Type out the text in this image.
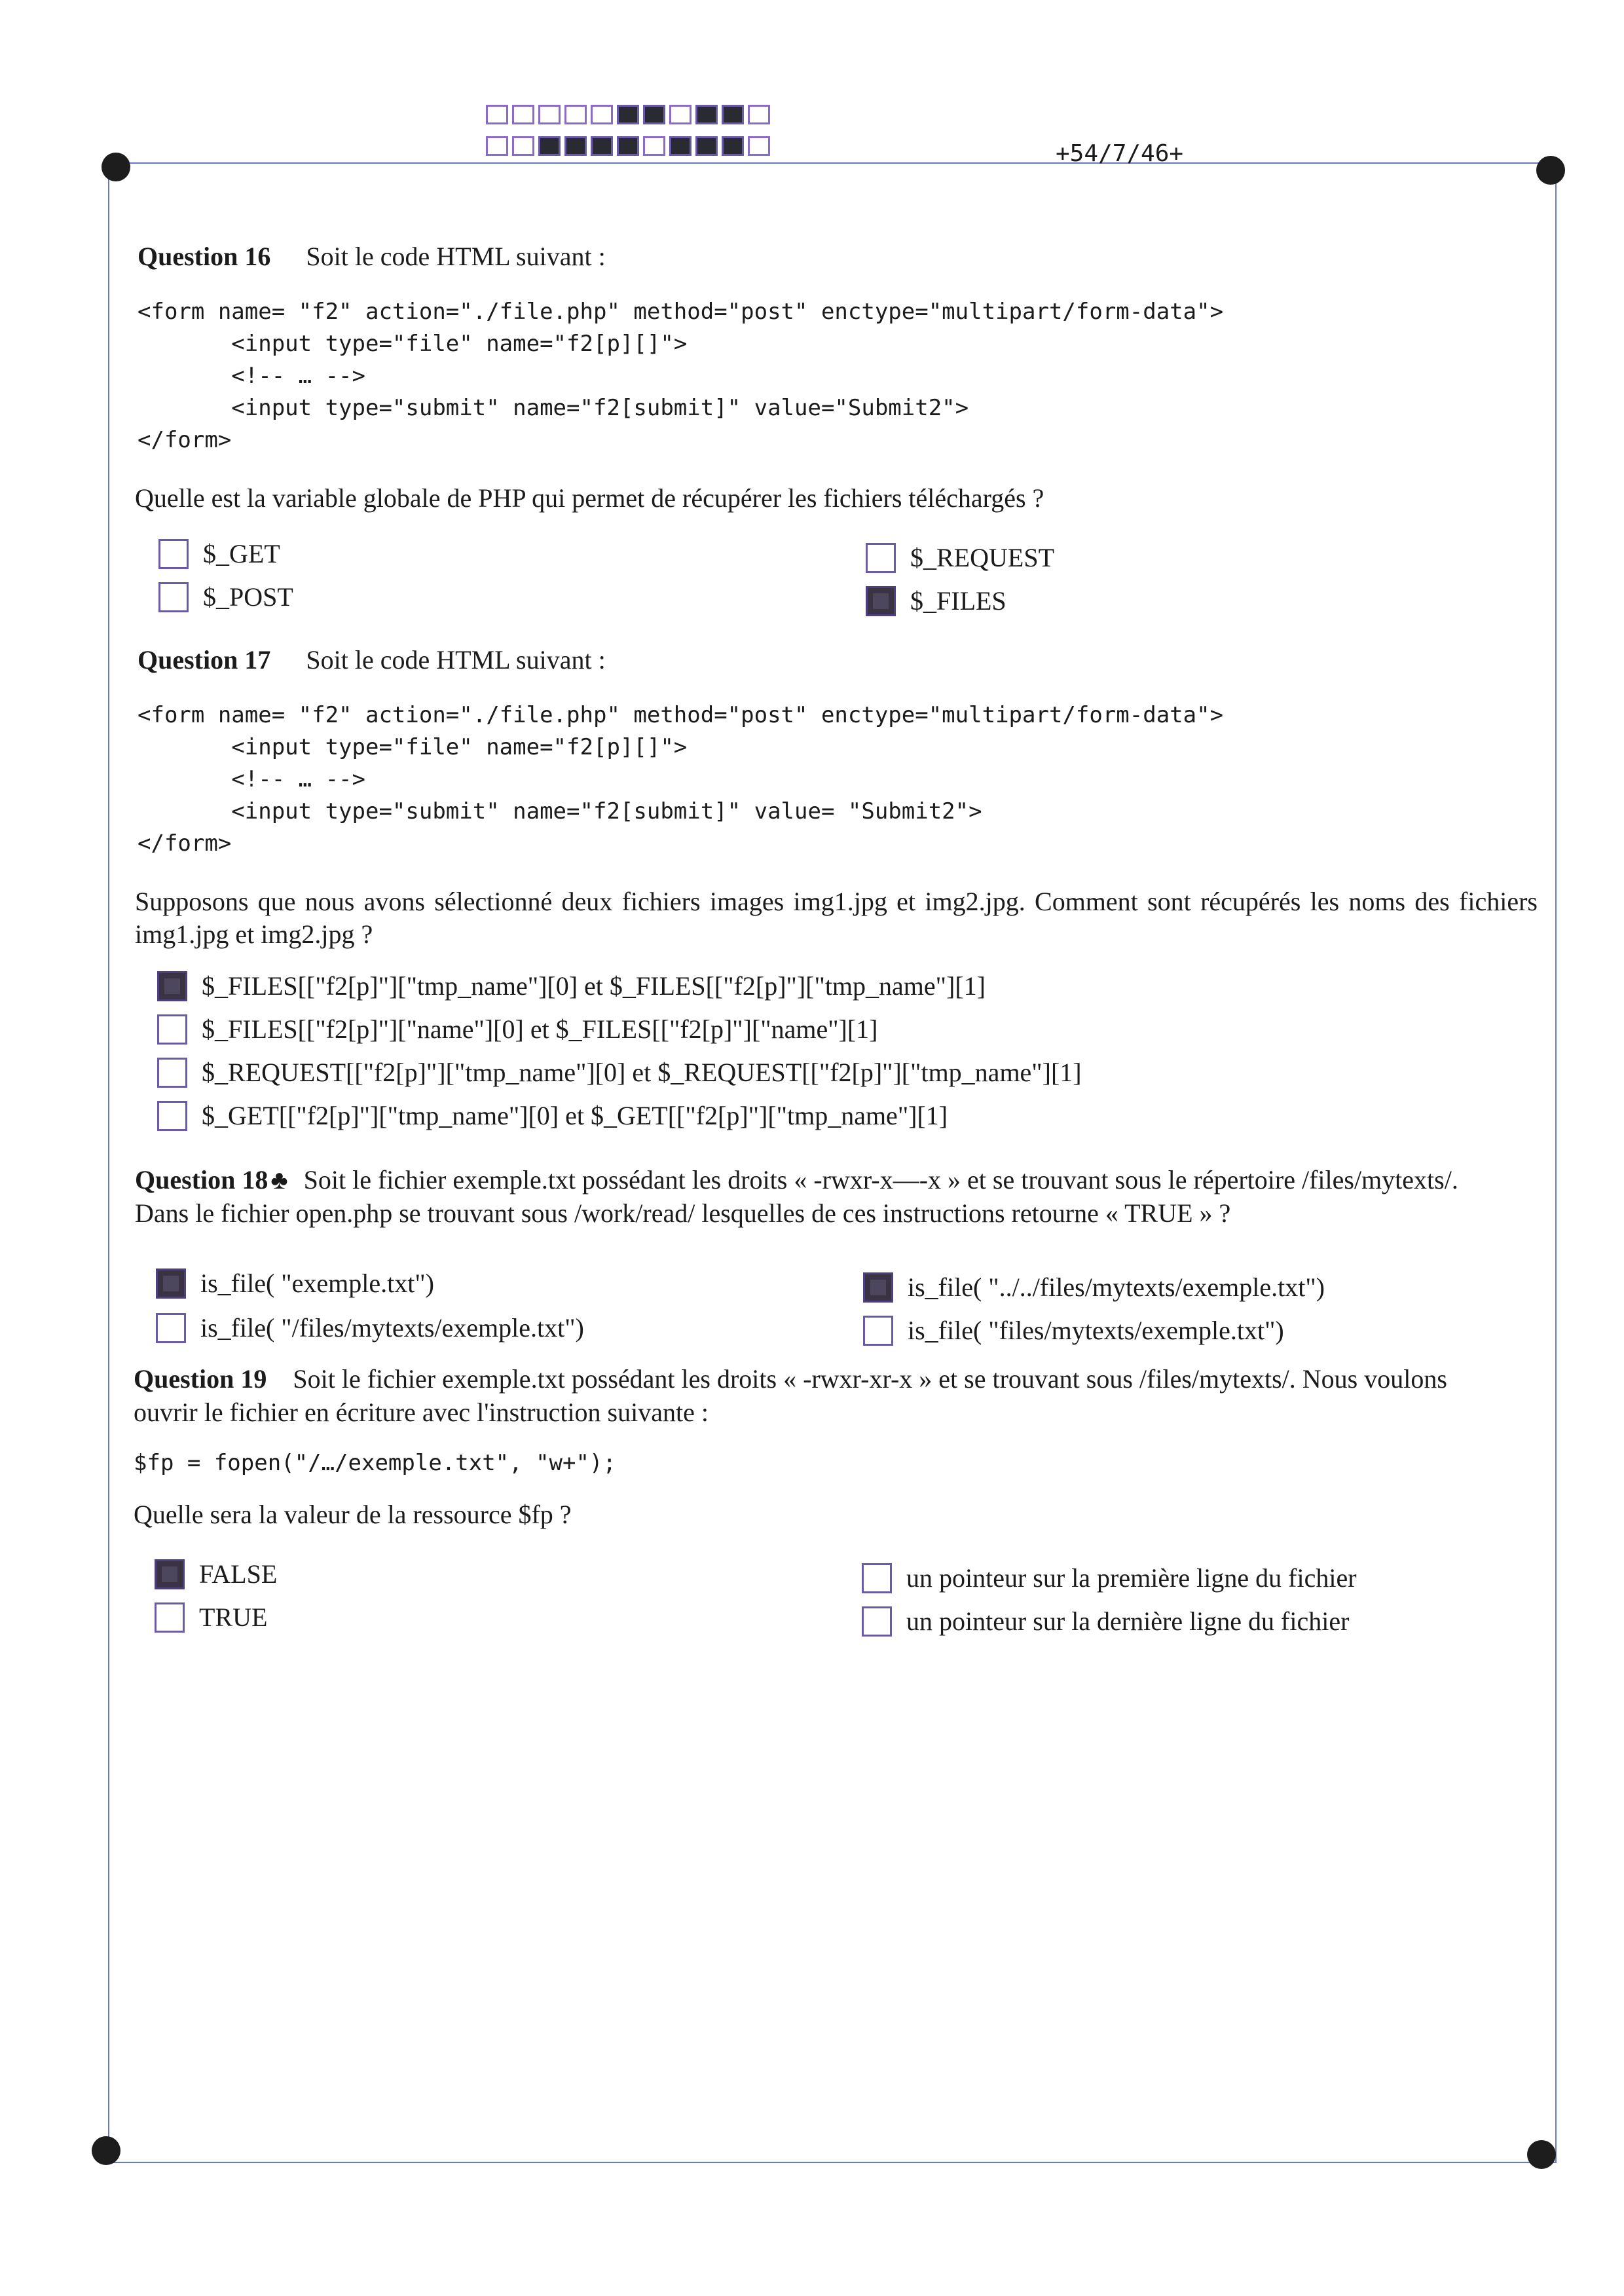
+54/7/46+
Question 16 Soit le code HTML suivant :
<form name= "f2" action="./file.php" method="post" enctype="multipart/form-data">
<input type="file" name="f2[p][]">
<!-- … -->
<input type="submit" name="f2[submit]" value="Submit2">
</form>
Quelle est la variable globale de PHP qui permet de récupérer les fichiers téléchargés ?
$_GET
$_POST
$_REQUEST
$_FILES
Question 17 Soit le code HTML suivant :
<form name= "f2" action="./file.php" method="post" enctype="multipart/form-data">
<input type="file" name="f2[p][]">
<!-- … -->
<input type="submit" name="f2[submit]" value= "Submit2">
</form>
Supposons que nous avons sélectionné deux fichiers images img1.jpg et img2.jpg. Comment sont récupérés les noms des fichiers img1.jpg et img2.jpg ?
$_FILES[["f2[p]"]["tmp_name"][0] et $_FILES[["f2[p]"]["tmp_name"][1]
$_FILES[["f2[p]"]["name"][0] et $_FILES[["f2[p]"]["name"][1]
$_REQUEST[["f2[p]"]["tmp_name"][0] et $_REQUEST[["f2[p]"]["tmp_name"][1]
$_GET[["f2[p]"]["tmp_name"][0] et $_GET[["f2[p]"]["tmp_name"][1]
Question 18 ♣ Soit le fichier exemple.txt possédant les droits « -rwxr-x—-x » et se trouvant sous le répertoire /files/mytexts/.
Dans le fichier open.php se trouvant sous /work/read/ lesquelles de ces instructions retourne « TRUE » ?
is_file( "exemple.txt")
is_file( "/files/mytexts/exemple.txt")
is_file( "../../files/mytexts/exemple.txt")
is_file( "files/mytexts/exemple.txt")
Question 19 Soit le fichier exemple.txt possédant les droits « -rwxr-xr-x » et se trouvant sous /files/mytexts/. Nous voulons
ouvrir le fichier en écriture avec l'instruction suivante :
$fp = fopen("/…/exemple.txt", "w+");
Quelle sera la valeur de la ressource $fp ?
FALSE
TRUE
un pointeur sur la première ligne du fichier
un pointeur sur la dernière ligne du fichier
